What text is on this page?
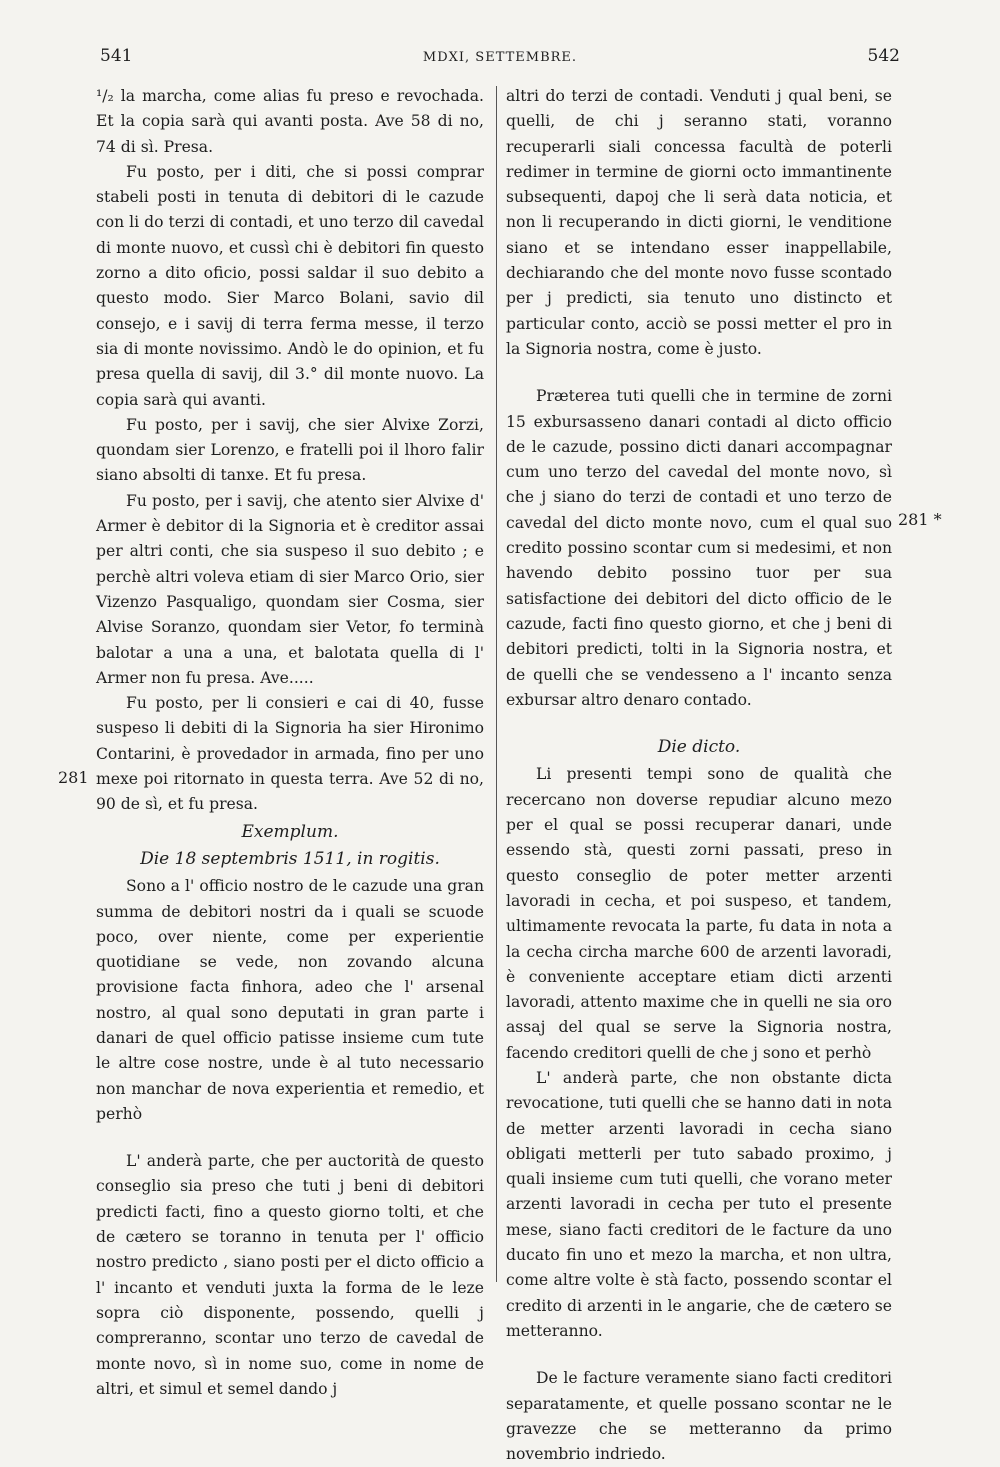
541	MDXI, SETTEMBRE.	542
281
281 *

¹/₂ la marcha, come alias fu preso e revochada. Et la copia sarà qui avanti posta. Ave 58 di no, 74 di sì. Presa.

Fu posto, per i diti, che si possi comprar stabeli posti in tenuta di debitori di le cazude con li do terzi di contadi, et uno terzo dil cavedal di monte nuovo, et cussì chi è debitori fin questo zorno a dito oficio, possi saldar il suo debito a questo modo. Sier Marco Bolani, savio dil consejo, e i savij di terra ferma messe, il terzo sia di monte novissimo. Andò le do opinion, et fu presa quella di savij, dil 3.° dil monte nuovo. La copia sarà qui avanti.

Fu posto, per i savij, che sier Alvixe Zorzi, quondam sier Lorenzo, e fratelli poi il lhoro falir siano absolti di tanxe. Et fu presa.

Fu posto, per i savij, che atento sier Alvixe d' Armer è debitor di la Signoria et è creditor assai per altri conti, che sia suspeso il suo debito ; e perchè altri voleva etiam di sier Marco Orio, sier Vizenzo Pasqualigo, quondam sier Cosma, sier Alvise Soranzo, quondam sier Vetor, fo terminà balotar a una a una, et balotata quella di l' Armer non fu presa. Ave.....

Fu posto, per li consieri e cai di 40, fusse suspeso li debiti di la Signoria ha sier Hironimo Contarini, è provedador in armada, fino per uno mexe poi ritornato in questa terra. Ave 52 di no, 90 de sì, et fu presa.

Exemplum.

Die 18 septembris 1511, in rogitis.

Sono a l' officio nostro de le cazude una gran summa de debitori nostri da i quali se scuode poco, over niente, come per experientie quotidiane se vede, non zovando alcuna provisione facta finhora, adeo che l' arsenal nostro, al qual sono deputati in gran parte i danari de quel officio patisse insieme cum tute le altre cose nostre, unde è al tuto necessario non manchar de nova experientia et remedio, et perhò

L' anderà parte, che per auctorità de questo conseglio sia preso che tuti j beni di debitori predicti facti, fino a questo giorno tolti, et che de cætero se toranno in tenuta per l' officio nostro predicto , siano posti per el dicto officio a l' incanto et venduti juxta la forma de le leze sopra ciò disponente, possendo, quelli j compreranno, scontar uno terzo de cavedal de monte novo, sì in nome suo, come in nome de altri, et simul et semel dando j

altri do terzi de contadi. Venduti j qual beni, se quelli, de chi j seranno stati, voranno recuperarli siali concessa facultà de poterli redimer in termine de giorni octo immantinente subsequenti, dapoj che li serà data noticia, et non li recuperando in dicti giorni, le venditione siano et se intendano esser inappellabile, dechiarando che del monte novo fusse scontado per j predicti, sia tenuto uno distincto et particular conto, acciò se possi metter el pro in la Signoria nostra, come è justo.

Præterea tuti quelli che in termine de zorni 15 exbursasseno danari contadi al dicto officio de le cazude, possino dicti danari accompagnar cum uno terzo del cavedal del monte novo, sì che j siano do terzi de contadi et uno terzo de cavedal del dicto monte novo, cum el qual suo credito possino scontar cum si medesimi, et non havendo debito possino tuor per sua satisfactione dei debitori del dicto officio de le cazude, facti fino questo giorno, et che j beni di debitori predicti, tolti in la Signoria nostra, et de quelli che se vendesseno a l' incanto senza exbursar altro denaro contado.

Die dicto.

Li presenti tempi sono de qualità che recercano non doverse repudiar alcuno mezo per el qual se possi recuperar danari, unde essendo stà, questi zorni passati, preso in questo conseglio de poter metter arzenti lavoradi in cecha, et poi suspeso, et tandem, ultimamente revocata la parte, fu data in nota a la cecha circha marche 600 de arzenti lavoradi, è conveniente acceptare etiam dicti arzenti lavoradi, attento maxime che in quelli ne sia oro assaj del qual se serve la Signoria nostra, facendo creditori quelli de che j sono et perhò

L' anderà parte, che non obstante dicta revocatione, tuti quelli che se hanno dati in nota de metter arzenti lavoradi in cecha siano obligati metterli per tuto sabado proximo, j quali insieme cum tuti quelli, che vorano meter arzenti lavoradi in cecha per tuto el presente mese, siano facti creditori de le facture da uno ducato fin uno et mezo la marcha, et non ultra, come altre volte è stà facto, possendo scontar el credito di arzenti in le angarie, che de cætero se metteranno.

De le facture veramente siano facti creditori separatamente, et quelle possano scontar ne le gravezze che se metteranno da primo novembrio indriedo.
